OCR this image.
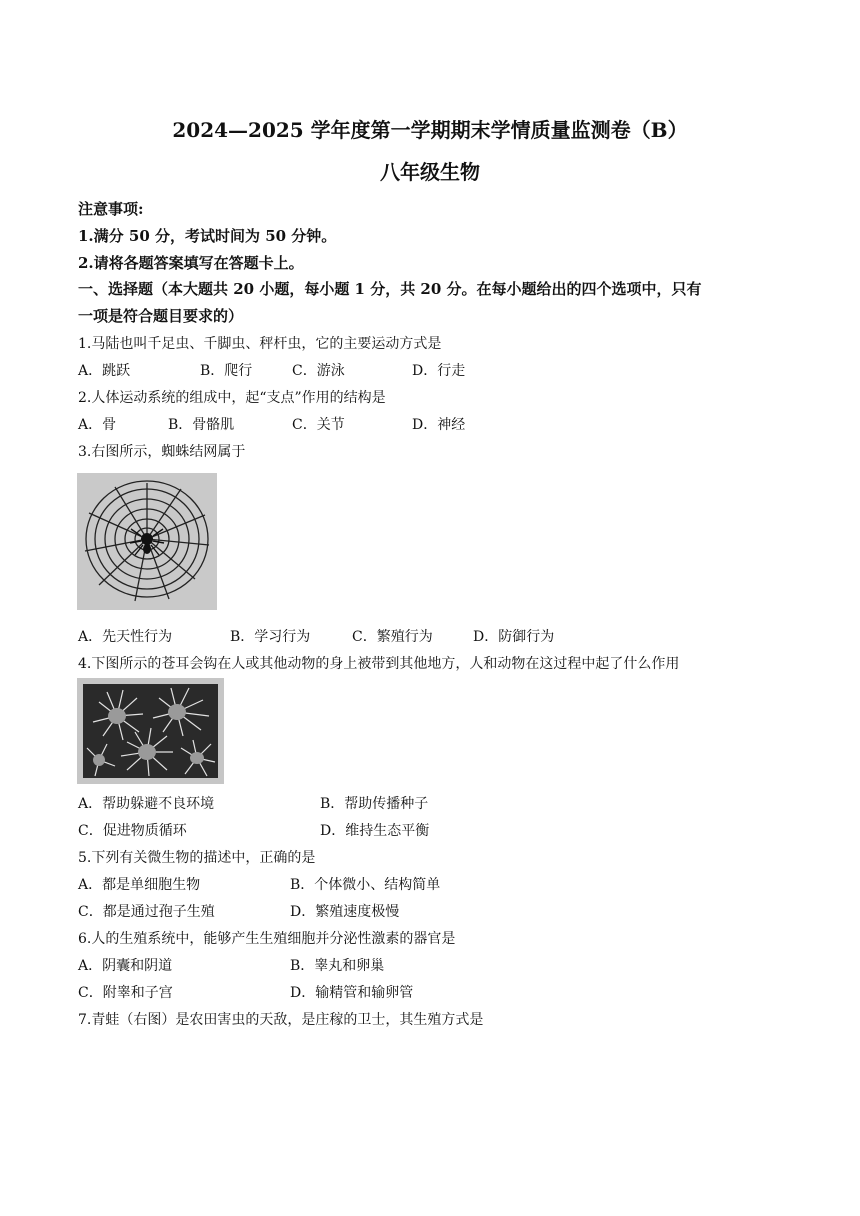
2024—2025 学年度第一学期期末学情质量监测卷（B）
八年级生物
注意事项:
1.满分 50 分，考试时间为 50 分钟。
2.请将各题答案填写在答题卡上。
一、选择题（本大题共 20 小题，每小题 1 分，共 20 分。在每小题给出的四个选项中，只有
一项是符合题目要求的）
1.马陆也叫千足虫、千脚虫、秤杆虫，它的主要运动方式是
A．跳跃	B．爬行	C．游泳	D．行走
2.人体运动系统的组成中，起“支点”作用的结构是
A．骨	B．骨骼肌	C．关节	D．神经
3.右图所示，蜘蛛结网属于
A．先天性行为	B．学习行为	C．繁殖行为	D．防御行为
4.下图所示的苍耳会钩在人或其他动物的身上被带到其他地方，人和动物在这过程中起了什么作用
A．帮助躲避不良环境	B．帮助传播种子
C．促进物质循环	D．维持生态平衡
5.下列有关微生物的描述中，正确的是
A．都是单细胞生物	B．个体微小、结构简单
C．都是通过孢子生殖	D．繁殖速度极慢
6.人的生殖系统中，能够产生生殖细胞并分泌性激素的器官是
A．阴囊和阴道	B．睾丸和卵巢
C．附睾和子宫	D．输精管和输卵管
7.青蛙（右图）是农田害虫的天敌，是庄稼的卫士，其生殖方式是
